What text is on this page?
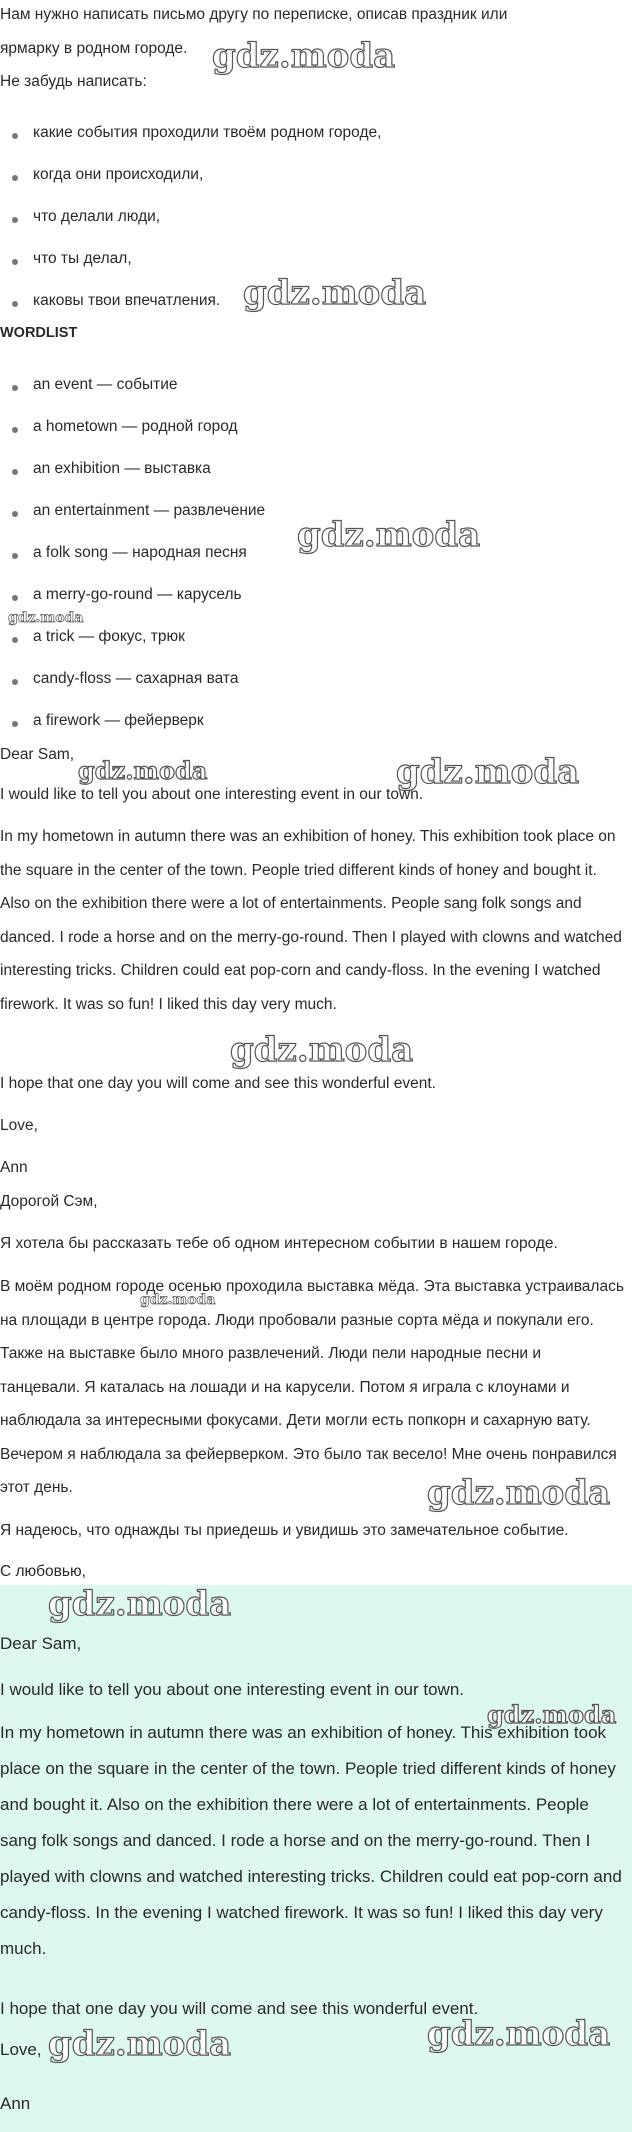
Нам нужно написать письмо другу по переписке, описав праздник или

ярмарку в родном городе.

Не забудь написать:

какие события проходили твоём родном городе,

когда они происходили,

что делали люди,

что ты делал,

каковы твои впечатления.

WORDLIST

an event — событие

a hometown — родной город

an exhibition — выставка

an entertainment — развлечение

a folk song — народная песня

a merry-go-round — карусель

a trick — фокус, трюк

candy-floss — сахарная вата

a firework — фейерверк

Dear Sam,

I would like to tell you about one interesting event in our town.

In my hometown in autumn there was an exhibition of honey. This exhibition took place on the square in the center of the town. People tried different kinds of honey and bought it. Also on the exhibition there were a lot of entertainments. People sang folk songs and danced. I rode a horse and on the merry-go-round. Then I played with clowns and watched interesting tricks. Children could eat pop-corn and candy-floss. In the evening I watched firework. It was so fun! I liked this day very much.

I hope that one day you will come and see this wonderful event.

Love,

Ann

Дорогой Сэм,

Я хотела бы рассказать тебе об одном интересном событии в нашем городе.

В моём родном городе осенью проходила выставка мёда. Эта выставка устраивалась на площади в центре города. Люди пробовали разные сорта мёда и покупали его. Также на выставке было много развлечений. Люди пели народные песни и танцевали. Я каталась на лошади и на карусели. Потом я играла с клоунами и наблюдала за интересными фокусами. Дети могли есть попкорн и сахарную вату. Вечером я наблюдала за фейерверком. Это было так весело! Мне очень понравился этот день.

Я надеюсь, что однажды ты приедешь и увидишь это замечательное событие.

С любовью,

Dear Sam,

I would like to tell you about one interesting event in our town.

In my hometown in autumn there was an exhibition of honey. This exhibition took place on the square in the center of the town. People tried different kinds of honey and bought it. Also on the exhibition there were a lot of entertainments. People sang folk songs and danced. I rode a horse and on the merry-go-round. Then I played with clowns and watched interesting tricks. Children could eat pop-corn and candy-floss. In the evening I watched firework. It was so fun! I liked this day very much.

I hope that one day you will come and see this wonderful event.

Love,

Ann

gdz.moda
gdz.moda
gdz.moda
gdz.moda
gdz.moda	gdz.moda
gdz.moda
gdz.moda
gdz.moda
gdz.moda
gdz.moda
gdz.moda	gdz.moda
